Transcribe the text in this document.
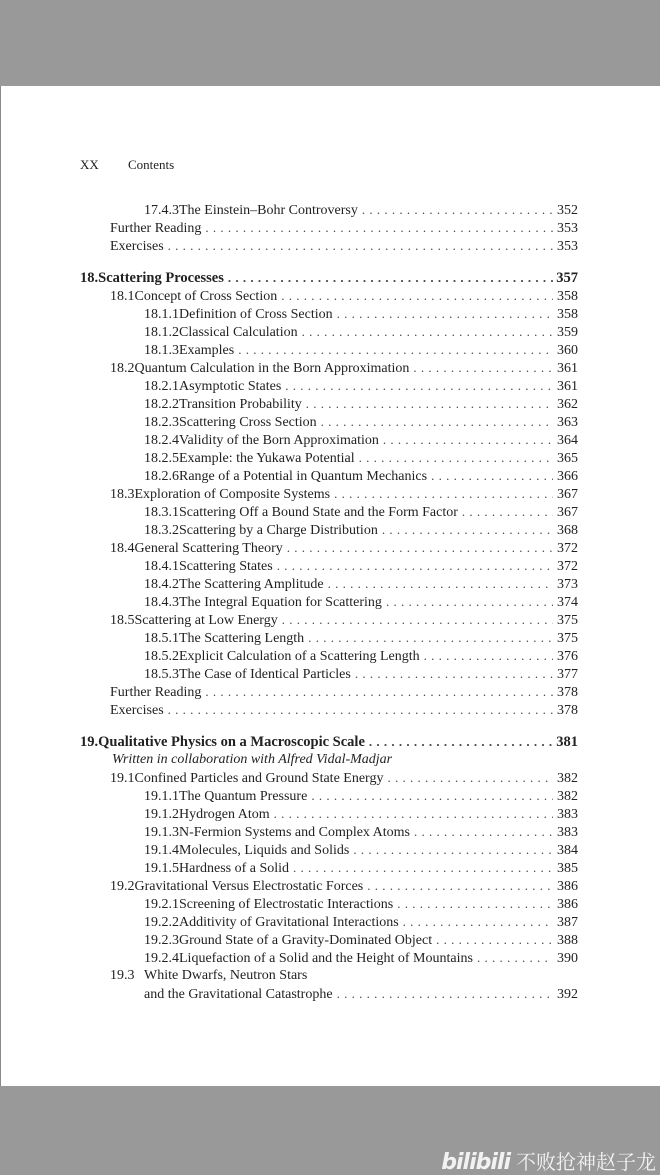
XX Contents
Written in collaboration with Alfred Vidal-Madjar
19.3 White Dwarfs, Neutron Stars
and the Gravitational Catastrophe . . .	392
17.4.3 The Einstein–Bohr Controversy . . .	352
Further Reading . . .	353
Exercises . . .	353
18. Scattering Processes . . .	357
18.1 Concept of Cross Section . . .	358
18.1.1 Definition of Cross Section . . .	358
18.1.2 Classical Calculation . . .	359
18.1.3 Examples . . .	360
18.2 Quantum Calculation in the Born Approximation . . .	361
18.2.1 Asymptotic States . . .	361
18.2.2 Transition Probability . . .	362
18.2.3 Scattering Cross Section . . .	363
18.2.4 Validity of the Born Approximation . . .	364
18.2.5 Example: the Yukawa Potential . . .	365
18.2.6 Range of a Potential in Quantum Mechanics . . .	366
18.3 Exploration of Composite Systems . . .	367
18.3.1 Scattering Off a Bound State and the Form Factor . . .	367
18.3.2 Scattering by a Charge Distribution . . .	368
18.4 General Scattering Theory . . .	372
18.4.1 Scattering States . . .	372
18.4.2 The Scattering Amplitude . . .	373
18.4.3 The Integral Equation for Scattering . . .	374
18.5 Scattering at Low Energy . . .	375
18.5.1 The Scattering Length . . .	375
18.5.2 Explicit Calculation of a Scattering Length . . .	376
18.5.3 The Case of Identical Particles . . .	377
Further Reading . . .	378
Exercises . . .	378
19. Qualitative Physics on a Macroscopic Scale . . .	381
19.1 Confined Particles and Ground State Energy . . .	382
19.1.1 The Quantum Pressure . . .	382
19.1.2 Hydrogen Atom . . .	383
19.1.3 N-Fermion Systems and Complex Atoms . . .	383
19.1.4 Molecules, Liquids and Solids . . .	384
19.1.5 Hardness of a Solid . . .	385
19.2 Gravitational Versus Electrostatic Forces . . .	386
19.2.1 Screening of Electrostatic Interactions . . .	386
19.2.2 Additivity of Gravitational Interactions . . .	387
19.2.3 Ground State of a Gravity-Dominated Object . . .	388
19.2.4 Liquefaction of a Solid and the Height of Mountains . . .	390
bilibili 不败抢神赵子龙
